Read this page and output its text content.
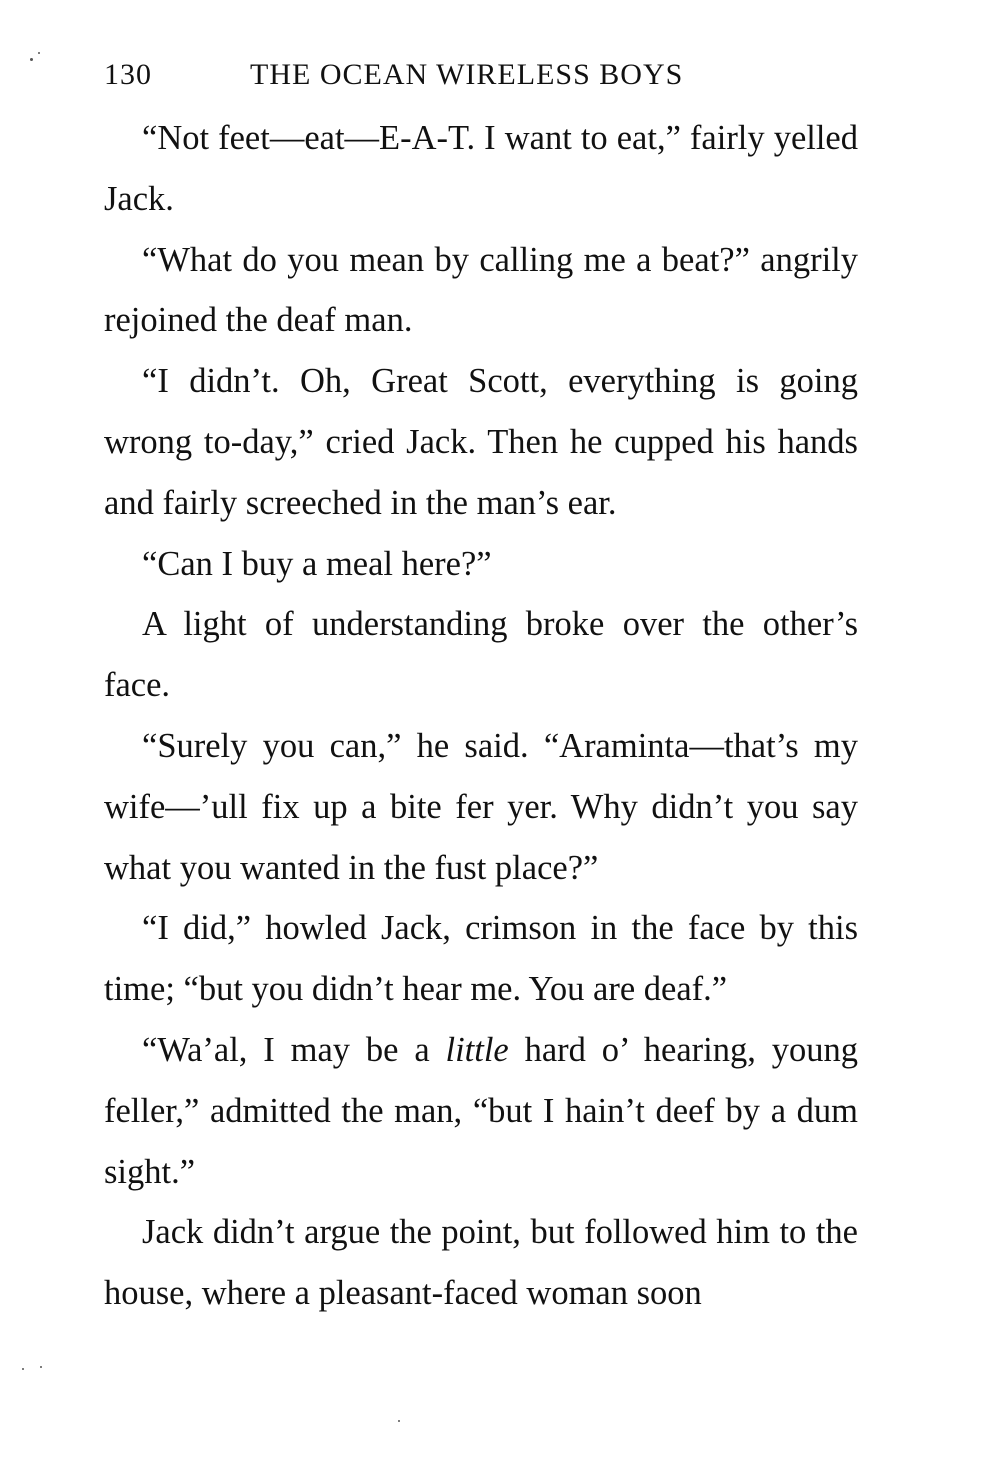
130	THE OCEAN WIRELESS BOYS

“Not feet—eat—E-A-T. I want to eat,” fairly yelled Jack.

“What do you mean by calling me a beat?” angrily rejoined the deaf man.

“I didn’t. Oh, Great Scott, everything is going wrong to-day,” cried Jack. Then he cupped his hands and fairly screeched in the man’s ear.

“Can I buy a meal here?”

A light of understanding broke over the other’s face.

“Surely you can,” he said. “Araminta—that’s my wife—’ull fix up a bite fer yer. Why didn’t you say what you wanted in the fust place?”

“I did,” howled Jack, crimson in the face by this time; “but you didn’t hear me. You are deaf.”

“Wa’al, I may be a little hard o’ hearing, young feller,” admitted the man, “but I hain’t deef by a dum sight.”

Jack didn’t argue the point, but followed him to the house, where a pleasant-faced woman soon
